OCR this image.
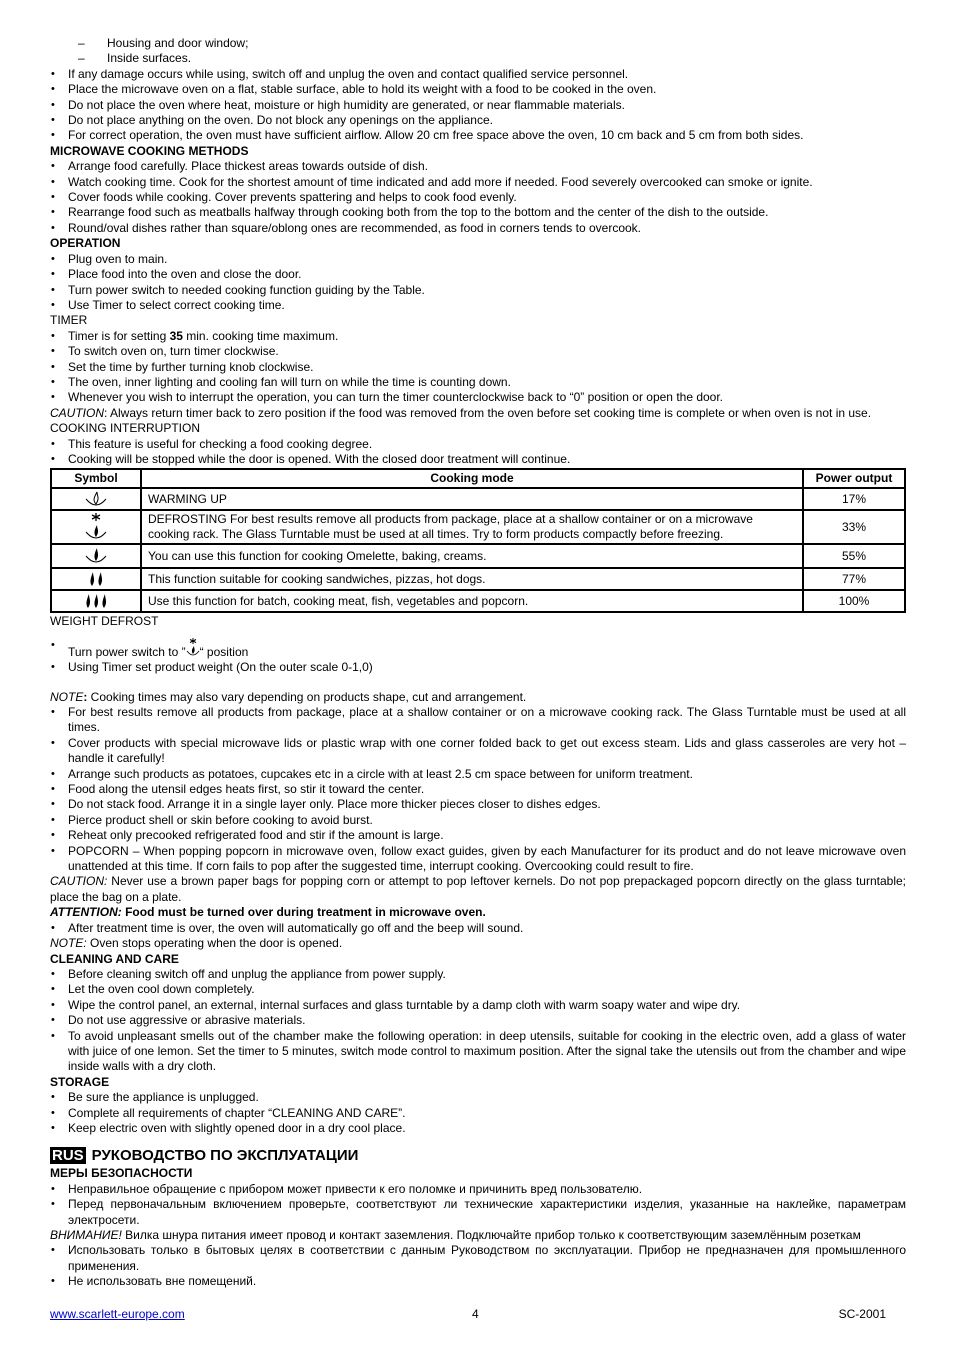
– Housing and door window;
– Inside surfaces.
• If any damage occurs while using, switch off and unplug the oven and contact qualified service personnel.
• Place the microwave oven on a flat, stable surface, able to hold its weight with a food to be cooked in the oven.
• Do not place the oven where heat, moisture or high humidity are generated, or near flammable materials.
• Do not place anything on the oven. Do not block any openings on the appliance.
• For correct operation, the oven must have sufficient airflow. Allow 20 cm free space above the oven, 10 cm back and 5 cm from both sides.
MICROWAVE COOKING METHODS
• Arrange food carefully. Place thickest areas towards outside of dish.
• Watch cooking time. Cook for the shortest amount of time indicated and add more if needed. Food severely overcooked can smoke or ignite.
• Cover foods while cooking. Cover prevents spattering and helps to cook food evenly.
• Rearrange food such as meatballs halfway through cooking both from the top to the bottom and the center of the dish to the outside.
• Round/oval dishes rather than square/oblong ones are recommended, as food in corners tends to overcook.
OPERATION
• Plug oven to main.
• Place food into the oven and close the door.
• Turn power switch to needed cooking function guiding by the Table.
• Use Timer to select correct cooking time.
TIMER
• Timer is for setting 35 min. cooking time maximum.
• To switch oven on, turn timer clockwise.
• Set the time by further turning knob clockwise.
• The oven, inner lighting and cooling fan will turn on while the time is counting down.
• Whenever you wish to interrupt the operation, you can turn the timer counterclockwise back to “0” position or open the door.
CAUTION: Always return timer back to zero position if the food was removed from the oven before set cooking time is complete or when oven is not in use.
COOKING INTERRUPTION
• This feature is useful for checking a food cooking degree.
• Cooking will be stopped while the door is opened. With the closed door treatment will continue.
Symbol	Cooking mode	Power output
	WARMING UP	17%
	DEFROSTING For best results remove all products from package, place at a shallow container or on a microwave cooking rack. The Glass Turntable must be used at all times. Try to form products compactly before freezing.	33%
	You can use this function for cooking Omelette, baking, creams.	55%
	This function suitable for cooking sandwiches, pizzas, hot dogs.	77%
	Use this function for batch, cooking meat, fish, vegetables and popcorn.	100%
WEIGHT DEFROST
• Turn power switch to ” “ position
• Using Timer set product weight (On the outer scale 0-1,0)
NOTE: Cooking times may also vary depending on products shape, cut and arrangement.
• For best results remove all products from package, place at a shallow container or on a microwave cooking rack. The Glass Turntable must be used at all times.
• Cover products with special microwave lids or plastic wrap with one corner folded back to get out excess steam. Lids and glass casseroles are very hot – handle it carefully!
• Arrange such products as potatoes, cupcakes etc in a circle with at least 2.5 cm space between for uniform treatment.
• Food along the utensil edges heats first, so stir it toward the center.
• Do not stack food. Arrange it in a single layer only. Place more thicker pieces closer to dishes edges.
• Pierce product shell or skin before cooking to avoid burst.
• Reheat only precooked refrigerated food and stir if the amount is large.
• POPCORN – When popping popcorn in microwave oven, follow exact guides, given by each Manufacturer for its product and do not leave microwave oven unattended at this time. If corn fails to pop after the suggested time, interrupt cooking. Overcooking could result to fire.
CAUTION: Never use a brown paper bags for popping corn or attempt to pop leftover kernels. Do not pop prepackaged popcorn directly on the glass turntable; place the bag on a plate.
ATTENTION: Food must be turned over during treatment in microwave oven.
• After treatment time is over, the oven will automatically go off and the beep will sound.
NOTE: Oven stops operating when the door is opened.
CLEANING AND CARE
• Before cleaning switch off and unplug the appliance from power supply.
• Let the oven cool down completely.
• Wipe the control panel, an external, internal surfaces and glass turntable by a damp cloth with warm soapy water and wipe dry.
• Do not use aggressive or abrasive materials.
• To avoid unpleasant smells out of the chamber make the following operation: in deep utensils, suitable for cooking in the electric oven, add a glass of water with juice of one lemon. Set the timer to 5 minutes, switch mode control to maximum position. After the signal take the utensils out from the chamber and wipe inside walls with a dry cloth.
STORAGE
• Be sure the appliance is unplugged.
• Complete all requirements of chapter “CLEANING AND CARE”.
• Keep electric oven with slightly opened door in a dry cool place.
RUS РУКОВОДСТВО ПО ЭКСПЛУАТАЦИИ
МЕРЫ БЕЗОПАСНОСТИ
• Неправильное обращение с прибором может привести к его поломке и причинить вред пользователю.
• Перед первоначальным включением проверьте, соответствуют ли технические характеристики изделия, указанные на наклейке, параметрам электросети.
ВНИМАНИЕ! Вилка шнура питания имеет провод и контакт заземления. Подключайте прибор только к соответствующим заземлённым розеткам
• Использовать только в бытовых целях в соответствии с данным Руководством по эксплуатации. Прибор не предназначен для промышленного применения.
• Не использовать вне помещений.
www.scarlett-europe.com	4	SC-2001
